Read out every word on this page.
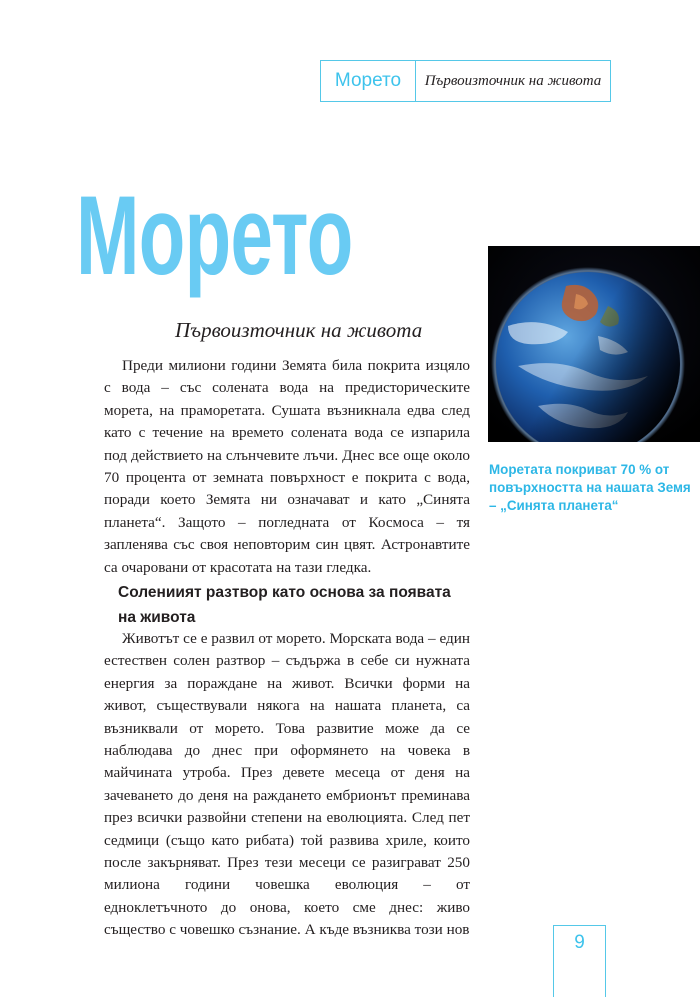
Морето	Първоизточник на живота
Морето
Първоизточник на живота

Преди милиони години Земята била покрита изцяло с вода – със солената вода на предисторическите морета, на праморетата. Сушата възникнала едва след като с течение на времето солената вода се изпарила под действието на слънчевите лъчи. Днес все още около 70 процента от земната повърхност е покрита с вода, поради което Земята ни означават и като „Синята планета“. Защото – погледната от Космоса – тя запленява със своя неповторим син цвят. Астронавтите са очаровани от красотата на тази гледка.

Солениият разтвор като основа за появата на живота

Животът се е развил от морето. Морската вода – един естествен солен разтвор – съдържа в себе си нужната енергия за пораждане на живот. Всички форми на живот, съществували някога на нашата планета, са възниквали от морето. Това развитие може да се наблюдава до днес при оформянето на човека в майчината утроба. През девете месеца от деня на зачеването до деня на раждането ембрионът преминава през всички развойни степени на еволюцията. След пет седмици (също като рибата) той развива хриле, които после закърняват. През тези месеци се разиграват 250 милиона години човешка еволюция – от едноклетъчното до онова, което сме днес: живо същество с човешко съзнание. А къде възниква този нов

Моретата покриват 70 % от повърхността на нашата Земя – „Синята планета“

9
